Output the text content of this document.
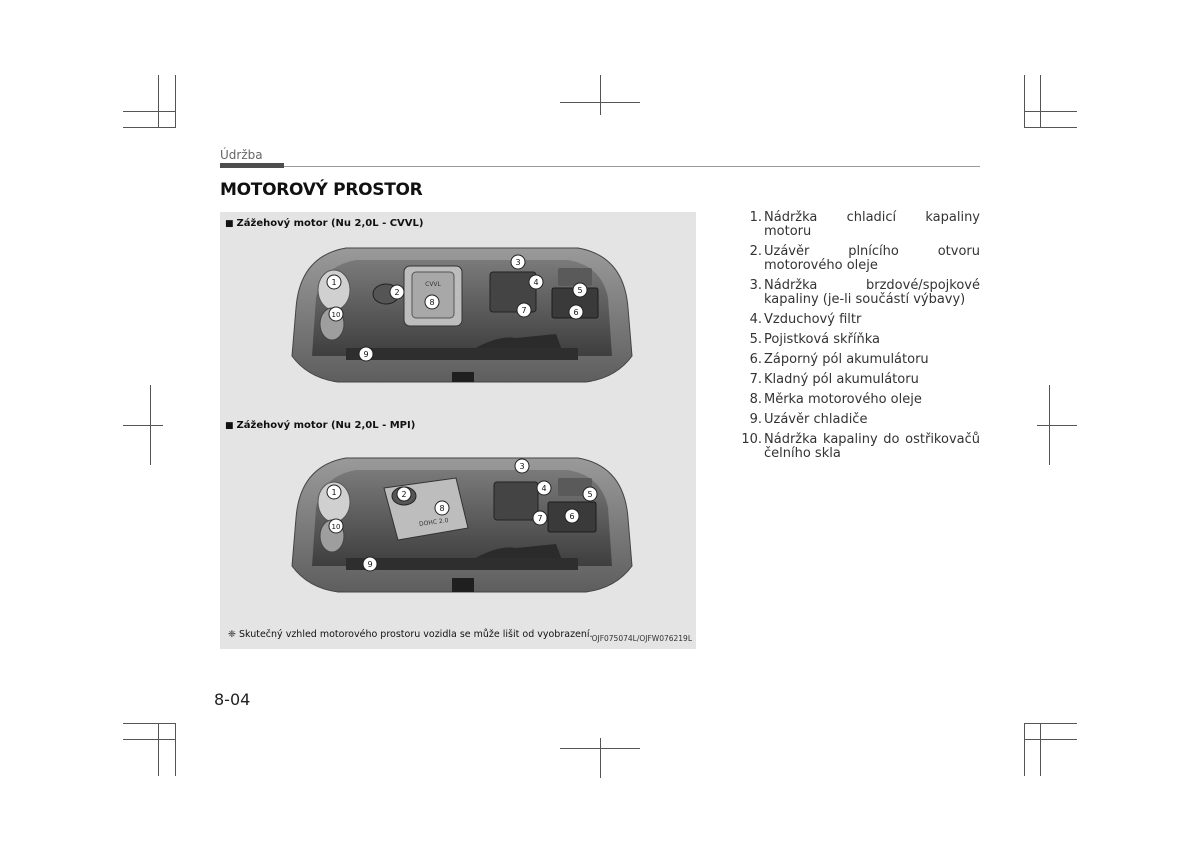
Údržba
MOTOROVÝ PROSTOR
■ Zážehový motor (Nu 2,0L - CVVL)
CVVL
1
2
3
4
5
6
7
8
9
10
■ Zážehový motor (Nu 2,0L - MPI)
DOHC 2.0
1	2
3
4
5
6
7
8
9
10
❈ Skutečný vzhled motorového prostoru vozidla se může lišit od vyobrazení. OJF075074L/OJFW076219L
1. Nádržka chladicí kapaliny motoru
2. Uzávěr plnícího otvoru motorového oleje
3. Nádržka brzdové/spojkové kapaliny (je-li součástí výbavy)
4. Vzduchový filtr
5. Pojistková skříňka
6. Záporný pól akumulátoru
7. Kladný pól akumulátoru
8. Měrka motorového oleje
9. Uzávěr chladiče
10. Nádržka kapaliny do ostřikovačů čelního skla
8-04
